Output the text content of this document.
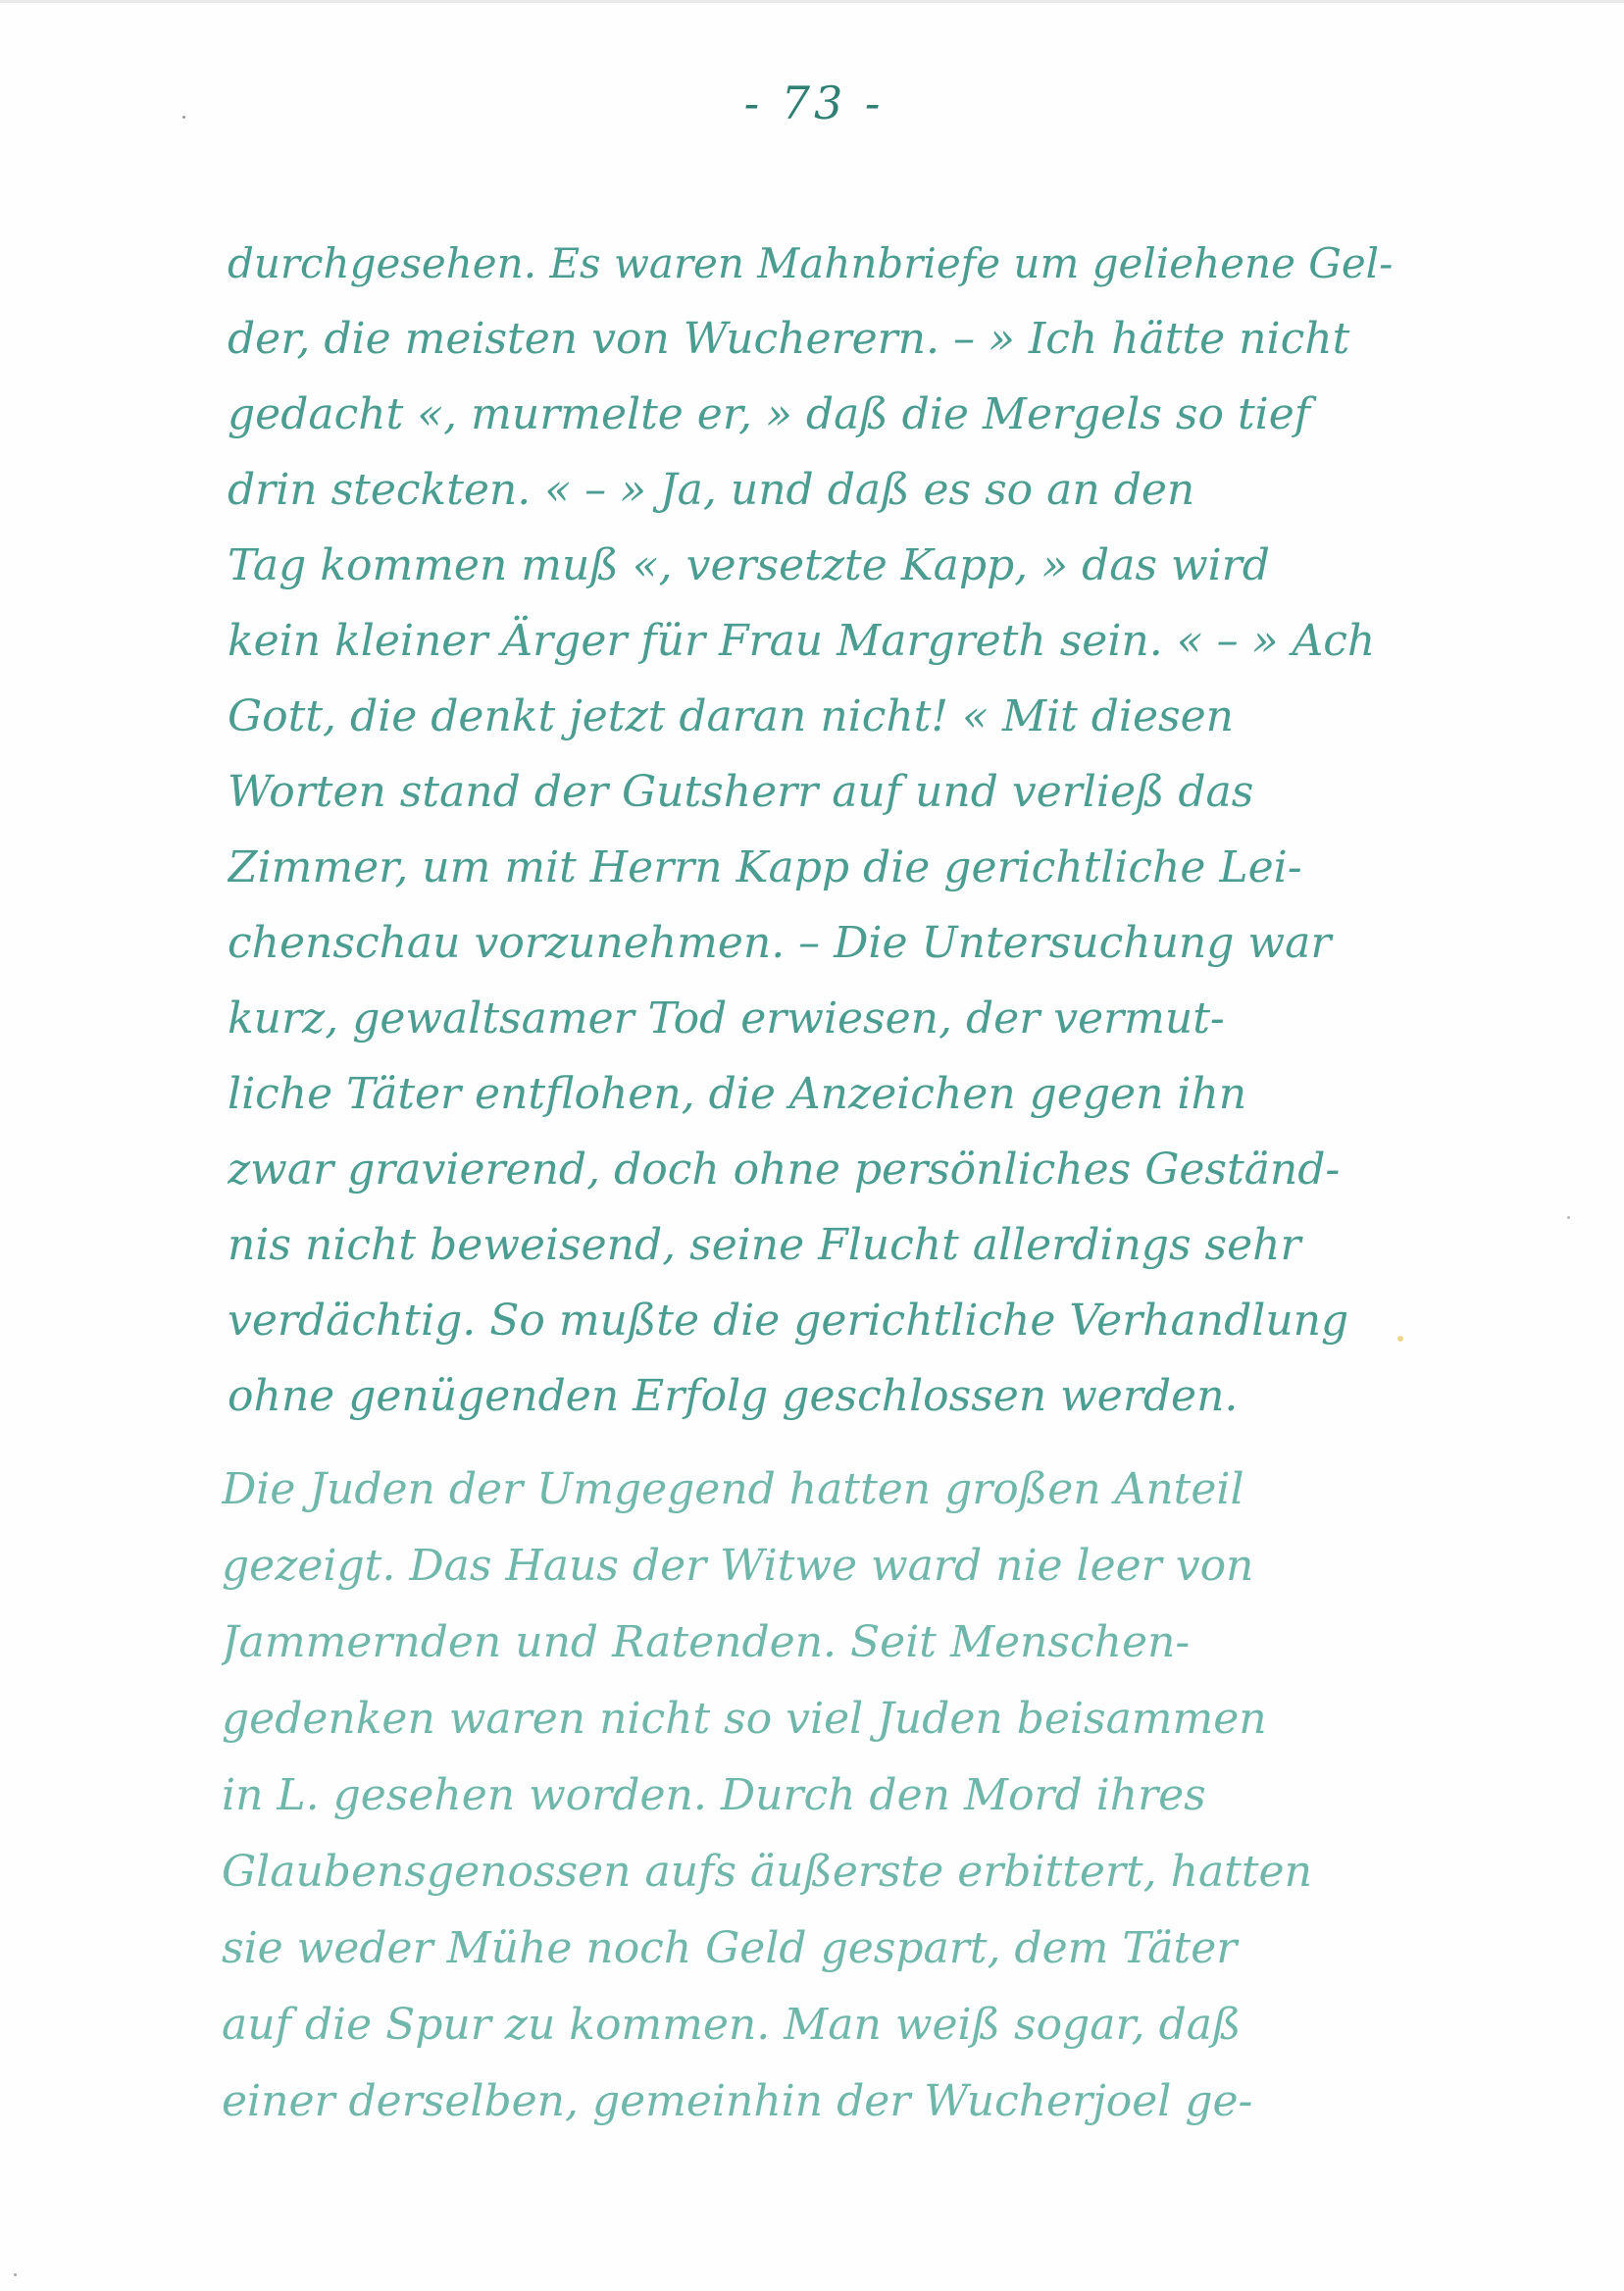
- 73 -
durchgesehen. Es waren Mahnbriefe um geliehene Gel-
der, die meisten von Wucherern. – » Ich hätte nicht
gedacht «, murmelte er, » daß die Mergels so tief
drin steckten. « – » Ja, und daß es so an den
Tag kommen muß «, versetzte Kapp, » das wird
kein kleiner Ärger für Frau Margreth sein. « – » Ach
Gott, die denkt jetzt daran nicht! « Mit diesen
Worten stand der Gutsherr auf und verließ das
Zimmer, um mit Herrn Kapp die gerichtliche Lei-
chenschau vorzunehmen. – Die Untersuchung war
kurz, gewaltsamer Tod erwiesen, der vermut-
liche Täter entflohen, die Anzeichen gegen ihn
zwar gravierend, doch ohne persönliches Geständ-
nis nicht beweisend, seine Flucht allerdings sehr
verdächtig. So mußte die gerichtliche Verhandlung
ohne genügenden Erfolg geschlossen werden.
Die Juden der Umgegend hatten großen Anteil
gezeigt. Das Haus der Witwe ward nie leer von
Jammernden und Ratenden. Seit Menschen-
gedenken waren nicht so viel Juden beisammen
in L. gesehen worden. Durch den Mord ihres
Glaubensgenossen aufs äußerste erbittert, hatten
sie weder Mühe noch Geld gespart, dem Täter
auf die Spur zu kommen. Man weiß sogar, daß
einer derselben, gemeinhin der Wucherjoel ge-
